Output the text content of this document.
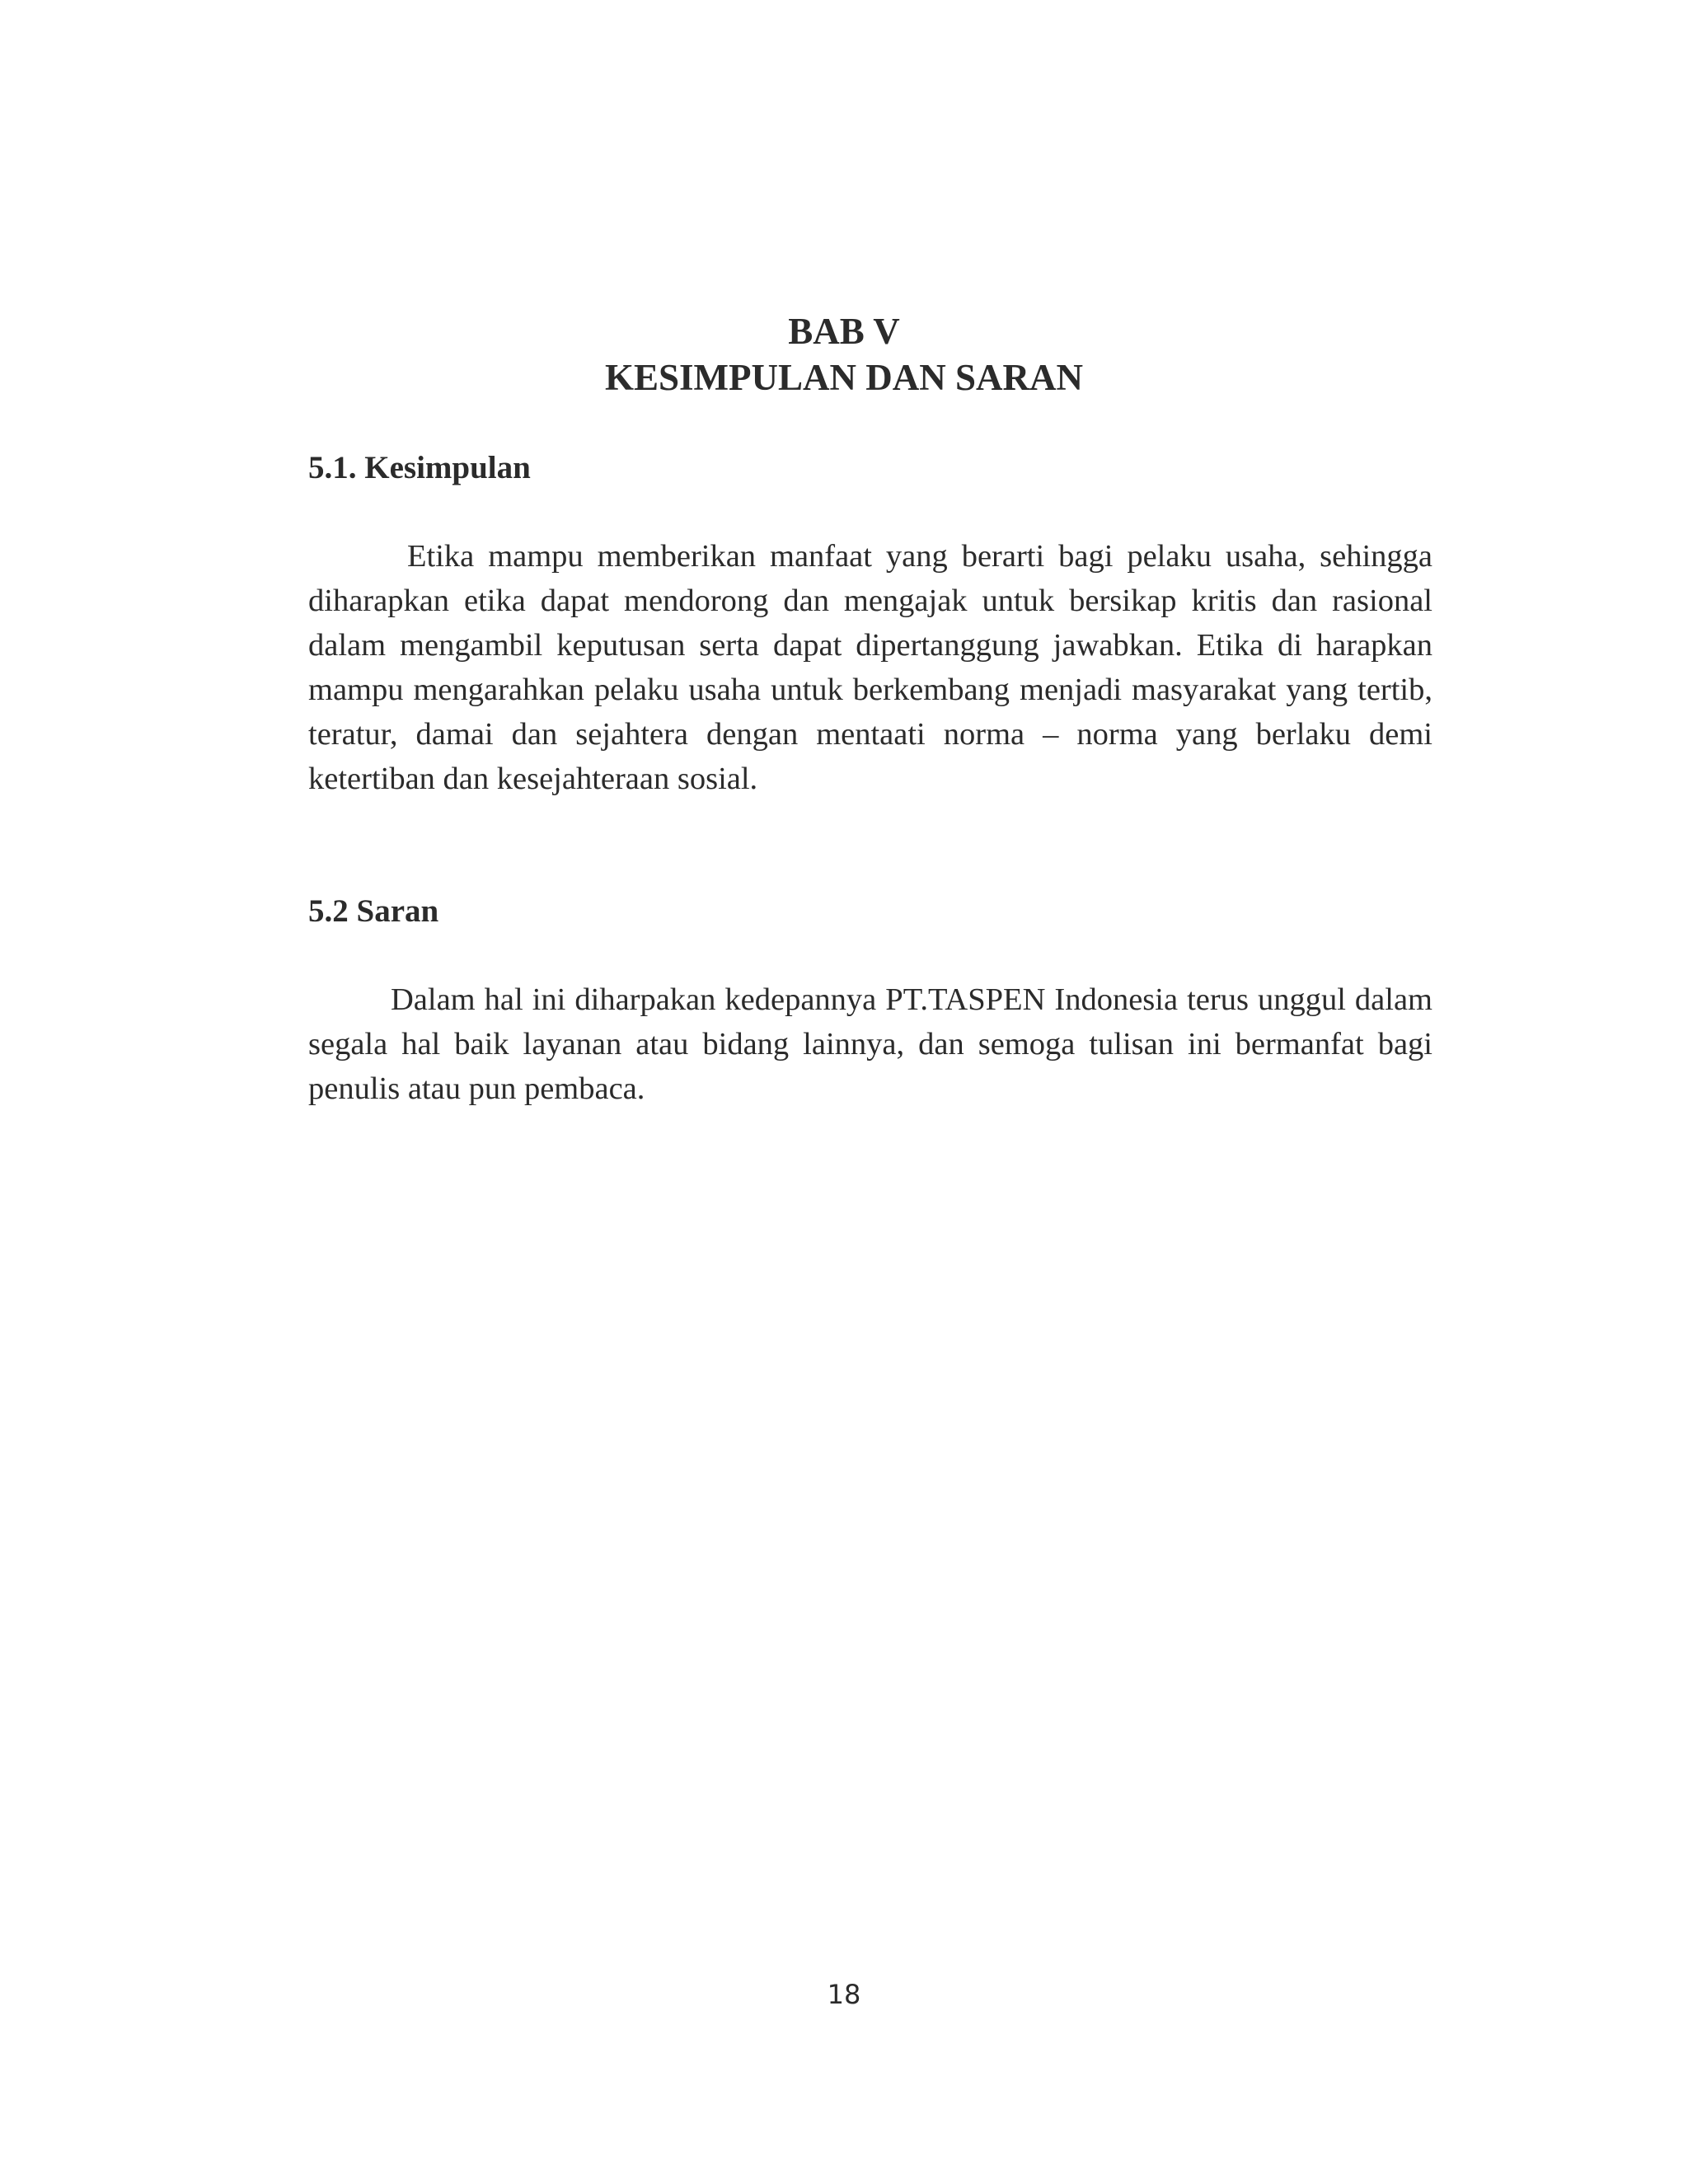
BAB V
KESIMPULAN DAN SARAN
5.1. Kesimpulan

Etika mampu memberikan manfaat yang berarti bagi pelaku usaha, sehingga diharapkan etika dapat mendorong dan mengajak untuk bersikap kritis dan rasional dalam mengambil keputusan serta dapat dipertanggung jawabkan. Etika di harapkan mampu mengarahkan pelaku usaha untuk berkembang menjadi masyarakat yang tertib, teratur, damai dan sejahtera dengan mentaati norma – norma yang berlaku demi ketertiban dan kesejahteraan sosial.

5.2 Saran

Dalam hal ini diharpakan kedepannya PT.TASPEN Indonesia terus unggul dalam segala hal baik layanan atau bidang lainnya, dan semoga tulisan ini bermanfat bagi penulis atau pun pembaca.

18
